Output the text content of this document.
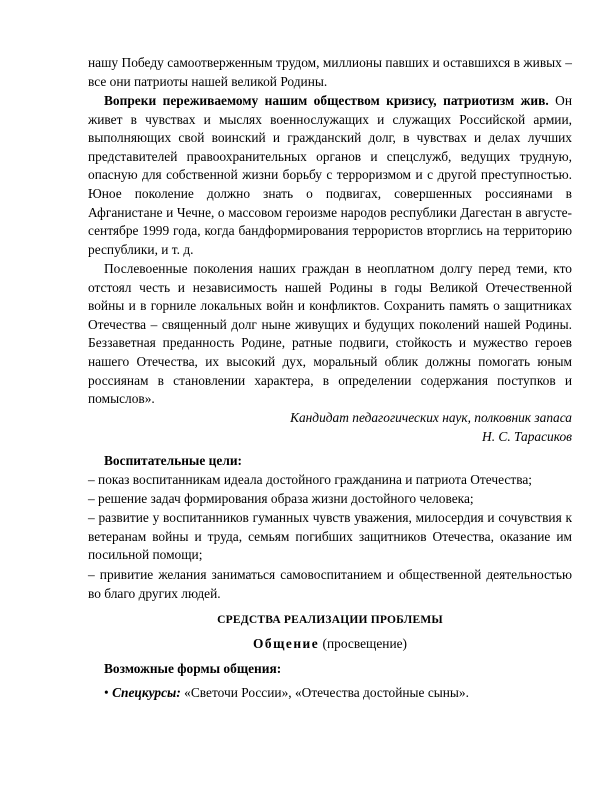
нашу Победу самоотверженным трудом, миллионы павших и оставшихся в живых – все они патриоты нашей великой Родины.

Вопреки переживаемому нашим обществом кризису, патриотизм жив. Он живет в чувствах и мыслях военнослужащих и служащих Российской армии, выполняющих свой воинский и гражданский долг, в чувствах и делах лучших представителей правоохранительных органов и спецслужб, ведущих трудную, опасную для собственной жизни борьбу с терроризмом и с другой преступностью. Юное поколение должно знать о подвигах, совершенных россиянами в Афганистане и Чечне, о массовом героизме народов республики Дагестан в августе-сентябре 1999 года, когда бандформирования террористов вторглись на территорию республики, и т. д.

Послевоенные поколения наших граждан в неоплатном долгу перед теми, кто отстоял честь и независимость нашей Родины в годы Великой Отечественной войны и в горниле локальных войн и конфликтов. Сохранить память о защитниках Отечества – священный долг ныне живущих и будущих поколений нашей Родины. Беззаветная преданность Родине, ратные подвиги, стойкость и мужество героев нашего Отечества, их высокий дух, моральный облик должны помогать юным россиянам в становлении характера, в определении содержания поступков и помыслов».

Кандидат педагогических наук, полковник запаса

Н. С. Тарасиков

Воспитательные цели:

– показ воспитанникам идеала достойного гражданина и патриота Отечества;

– решение задач формирования образа жизни достойного человека;

– развитие у воспитанников гуманных чувств уважения, милосердия и сочувствия к ветеранам войны и труда, семьям погибших защитников Отечества, оказание им посильной помощи;

– привитие желания заниматься самовоспитанием и общественной деятельностью во благо других людей.

СРЕДСТВА РЕАЛИЗАЦИИ ПРОБЛЕМЫ

Общение (просвещение)

Возможные формы общения:

• Спецкурсы: «Светочи России», «Отечества достойные сыны».
